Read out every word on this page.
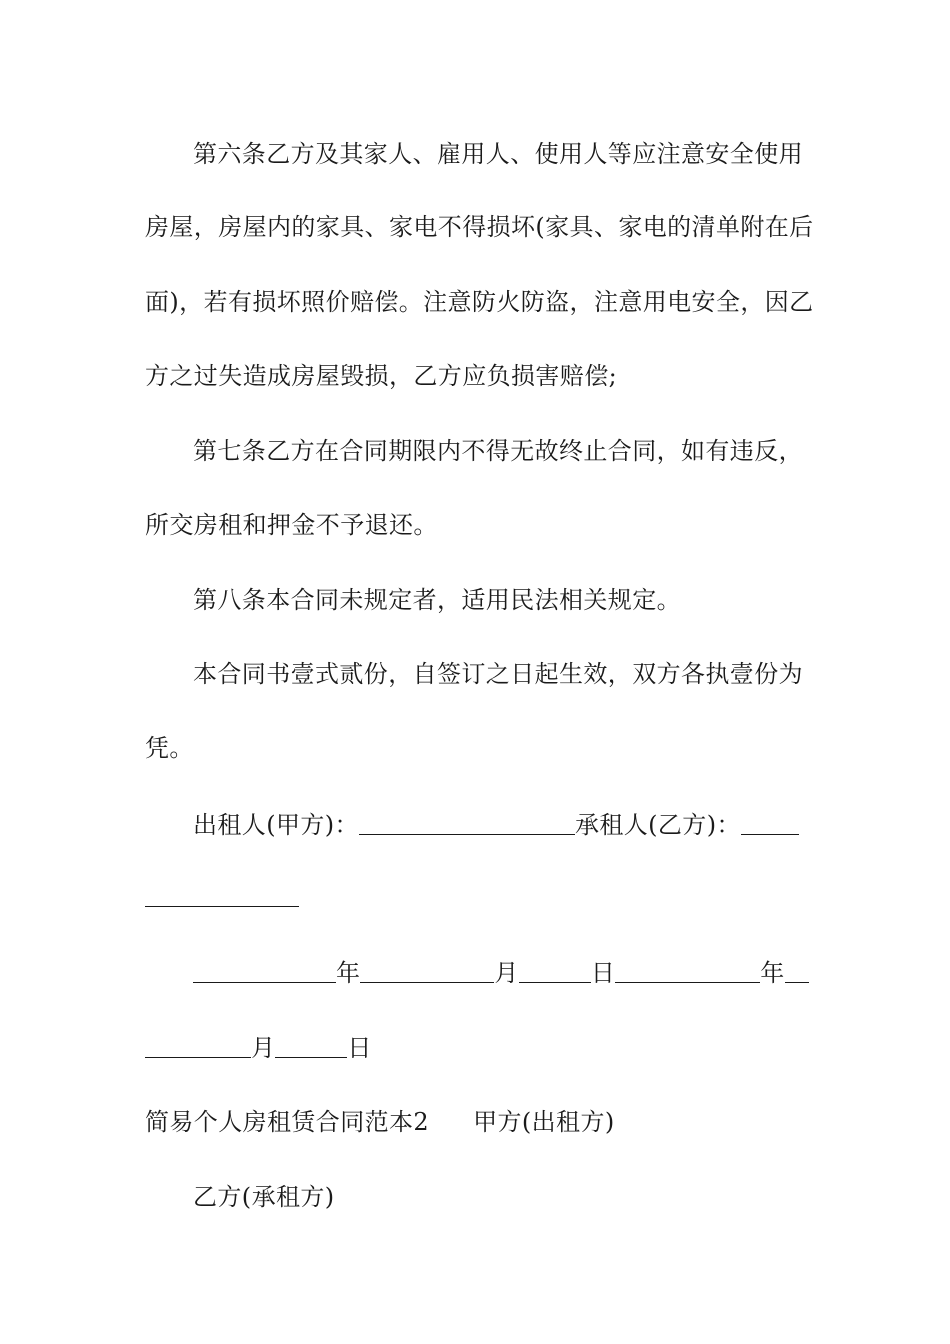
第六条乙方及其家人、雇用人、使用人等应注意安全使用
房屋，房屋内的家具、家电不得损坏(家具、家电的清单附在后
面)，若有损坏照价赔偿。注意防火防盗，注意用电安全，因乙
方之过失造成房屋毁损，乙方应负损害赔偿;
第七条乙方在合同期限内不得无故终止合同，如有违反，
所交房租和押金不予退还。
第八条本合同未规定者，适用民法相关规定。
本合同书壹式贰份，自签订之日起生效，双方各执壹份为
凭。
出租人(甲方)：	承租人(乙方)：
年	月	日	年
月	日
简易个人房租赁合同范本2 甲方(出租方)
乙方(承租方)
